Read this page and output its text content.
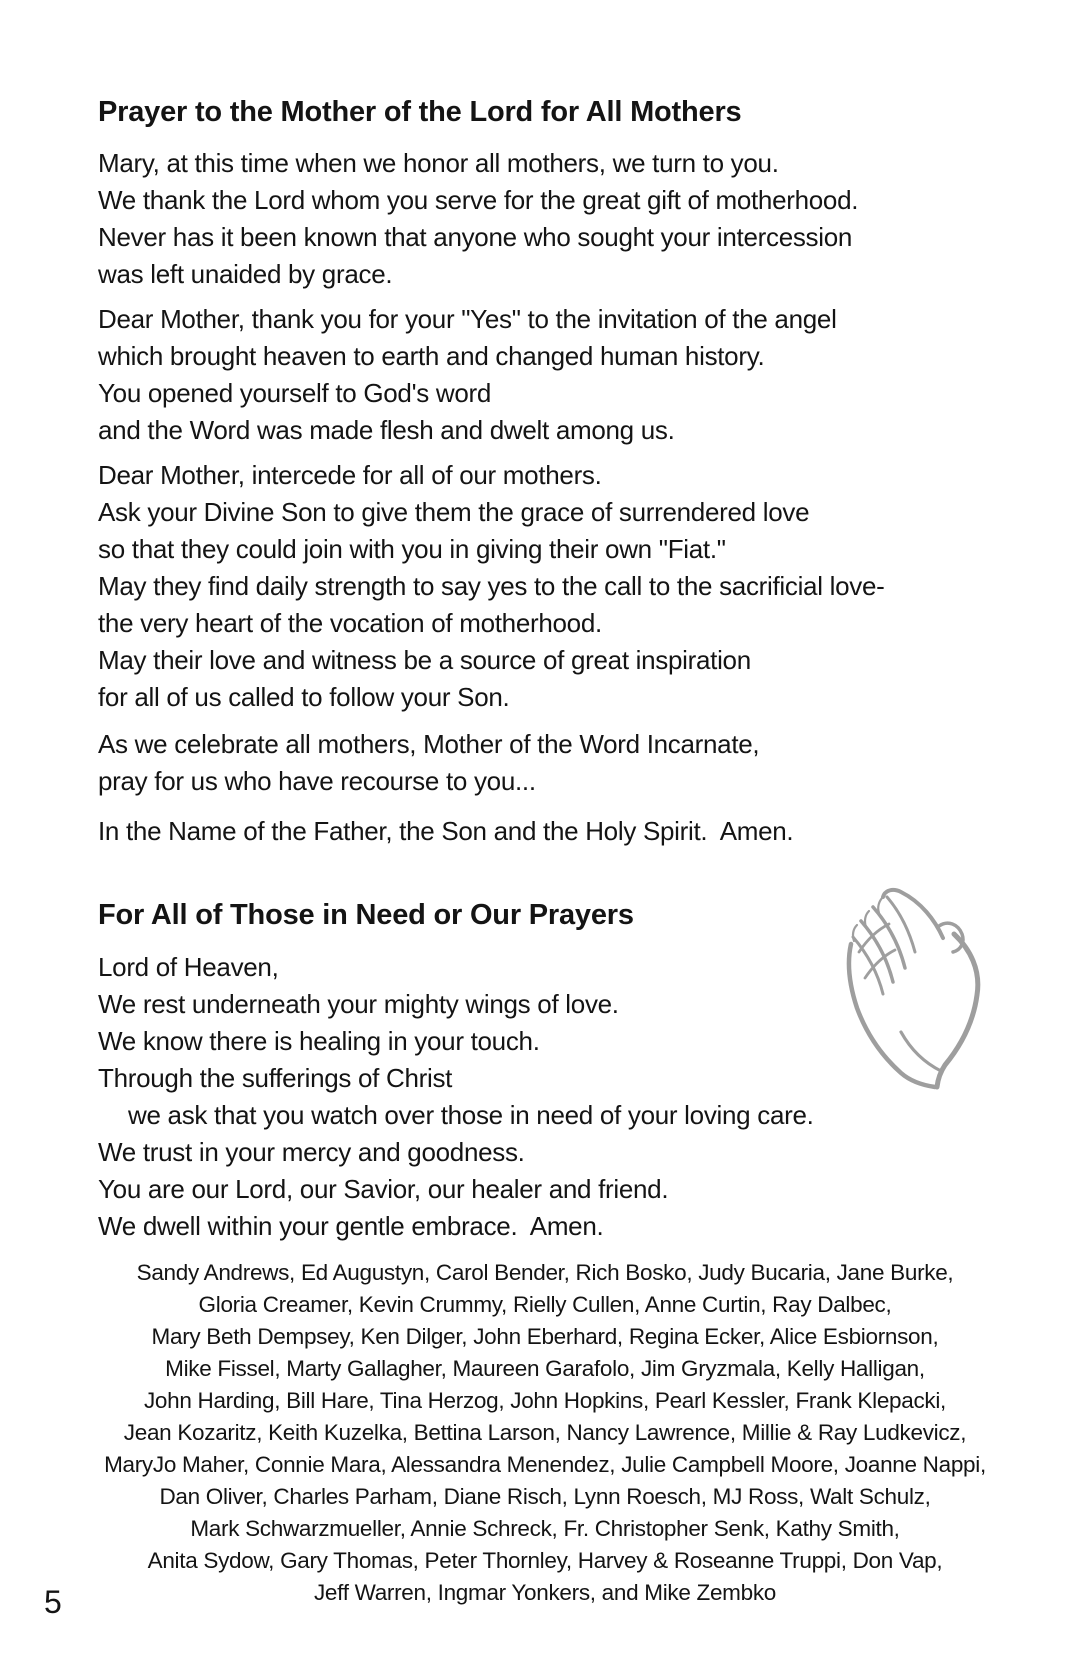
Prayer to the Mother of the Lord for All Mothers
Mary, at this time when we honor all mothers, we turn to you.
We thank the Lord whom you serve for the great gift of motherhood.
Never has it been known that anyone who sought your intercession
was left unaided by grace.
Dear Mother, thank you for your "Yes" to the invitation of the angel
which brought heaven to earth and changed human history.
You opened yourself to God's word
and the Word was made flesh and dwelt among us.
Dear Mother, intercede for all of our mothers.
Ask your Divine Son to give them the grace of surrendered love
so that they could join with you in giving their own "Fiat."
May they find daily strength to say yes to the call to the sacrificial love-
the very heart of the vocation of motherhood.
May their love and witness be a source of great inspiration
for all of us called to follow your Son.
As we celebrate all mothers, Mother of the Word Incarnate,
pray for us who have recourse to you...
In the Name of the Father, the Son and the Holy Spirit.  Amen.
For All of Those in Need or Our Prayers
Lord of Heaven,
We rest underneath your mighty wings of love.
We know there is healing in your touch.
Through the sufferings of Christ
we ask that you watch over those in need of your loving care.
We trust in your mercy and goodness.
You are our Lord, our Savior, our healer and friend.
We dwell within your gentle embrace.  Amen.
Sandy Andrews, Ed Augustyn, Carol Bender, Rich Bosko, Judy Bucaria, Jane Burke,
Gloria Creamer, Kevin Crummy, Rielly Cullen, Anne Curtin, Ray Dalbec,
Mary Beth Dempsey, Ken Dilger, John Eberhard, Regina Ecker, Alice Esbiornson,
Mike Fissel, Marty Gallagher, Maureen Garafolo, Jim Gryzmala, Kelly Halligan,
John Harding, Bill Hare, Tina Herzog, John Hopkins, Pearl Kessler, Frank Klepacki,
Jean Kozaritz, Keith Kuzelka, Bettina Larson, Nancy Lawrence, Millie & Ray Ludkevicz,
MaryJo Maher, Connie Mara, Alessandra Menendez, Julie Campbell Moore, Joanne Nappi,
Dan Oliver, Charles Parham, Diane Risch, Lynn Roesch, MJ Ross, Walt Schulz,
Mark Schwarzmueller, Annie Schreck, Fr. Christopher Senk, Kathy Smith,
Anita Sydow, Gary Thomas, Peter Thornley, Harvey & Roseanne Truppi, Don Vap,
Jeff Warren, Ingmar Yonkers, and Mike Zembko
5
